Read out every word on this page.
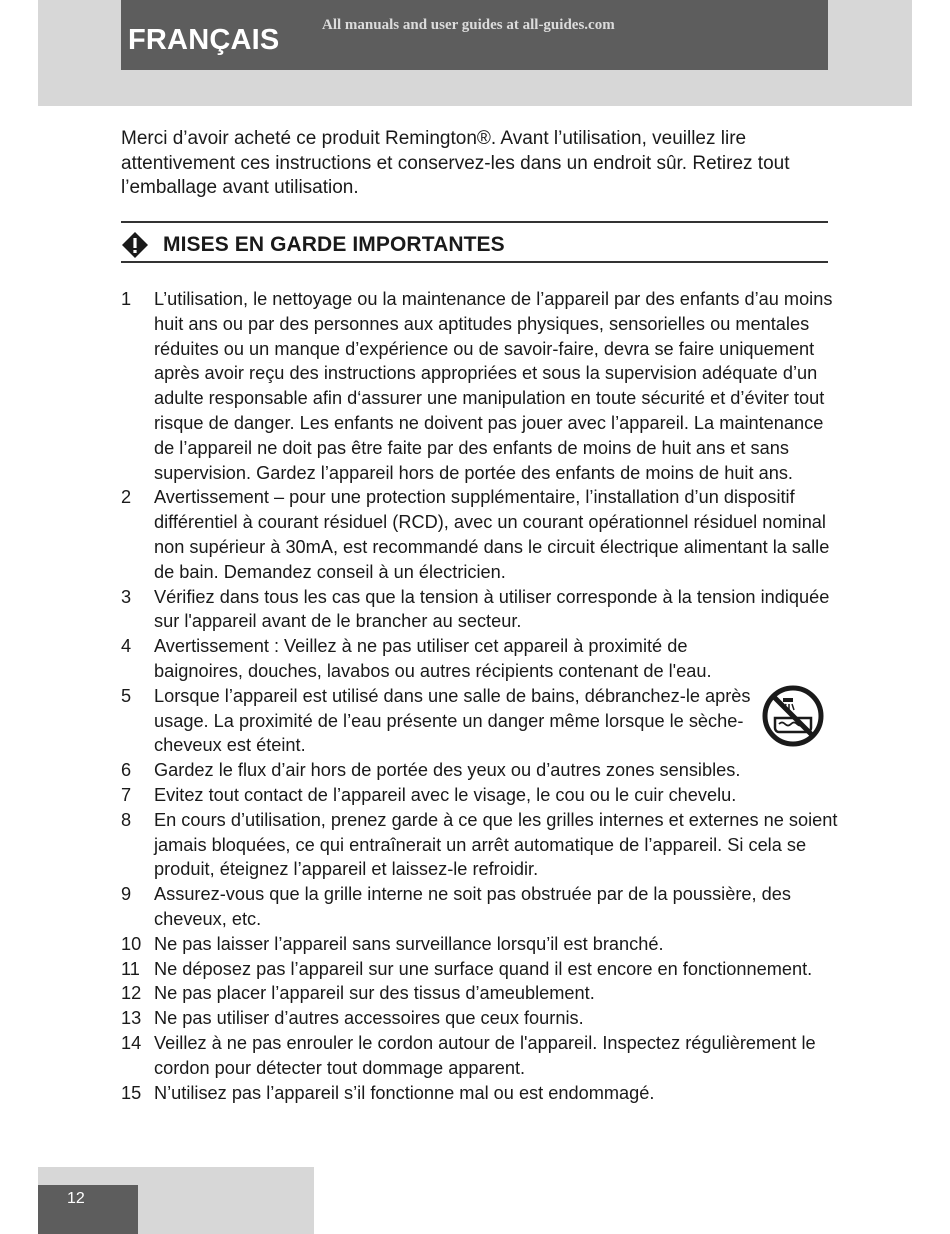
FRANÇAIS	All manuals and user guides at all-guides.com

Merci d’avoir acheté ce produit Remington®. Avant l’utilisation, veuillez lire attentivement ces instructions et conservez-les dans un endroit sûr. Retirez tout l’emballage avant utilisation.

MISES EN GARDE IMPORTANTES
1 L’utilisation, le nettoyage ou la maintenance de l’appareil par des enfants d’au moins huit ans ou par des personnes aux aptitudes physiques, sensorielles ou mentales réduites ou un manque d’expérience ou de savoir-faire, devra se faire uniquement après avoir reçu des instructions appropriées et sous la supervision adéquate d’un adulte responsable afin d‘assurer une manipulation en toute sécurité et d’éviter tout risque de danger. Les enfants ne doivent pas jouer avec l’appareil. La maintenance de l’appareil ne doit pas être faite par des enfants de moins de huit ans et sans supervision. Gardez l’appareil hors de portée des enfants de moins de huit ans.
2 Avertissement – pour une protection supplémentaire, l’installation d’un dispositif différentiel à courant résiduel (RCD), avec un courant opérationnel résiduel nominal non supérieur à 30mA, est recommandé dans le circuit électrique alimentant la salle de bain. Demandez conseil à un électricien.
3 Vérifiez dans tous les cas que la tension à utiliser corresponde à la tension indiquée sur l'appareil avant de le brancher au secteur.
4 Avertissement : Veillez à ne pas utiliser cet appareil à proximité de baignoires, douches, lavabos ou autres récipients contenant de l'eau.
5 Lorsque l’appareil est utilisé dans une salle de bains, débranchez-le après usage. La proximité de l’eau présente un danger même lorsque le sèche-cheveux est éteint.
6 Gardez le flux d’air hors de portée des yeux ou d’autres zones sensibles.
7 Evitez tout contact de l’appareil avec le visage, le cou ou le cuir chevelu.
8 En cours d’utilisation, prenez garde à ce que les grilles internes et externes ne soient jamais bloquées, ce qui entraînerait un arrêt automatique de l’appareil. Si cela se produit, éteignez l’appareil et laissez-le refroidir.
9 Assurez-vous que la grille interne ne soit pas obstruée par de la poussière, des cheveux, etc.
10 Ne pas laisser l’appareil sans surveillance lorsqu’il est branché.
11 Ne déposez pas l’appareil sur une surface quand il est encore en fonctionnement.
12 Ne pas placer l’appareil sur des tissus d’ameublement.
13 Ne pas utiliser d’autres accessoires que ceux fournis.
14 Veillez à ne pas enrouler le cordon autour de l'appareil. Inspectez régulièrement le cordon pour détecter tout dommage apparent.
15 N’utilisez pas l’appareil s’il fonctionne mal ou est endommagé.
12
